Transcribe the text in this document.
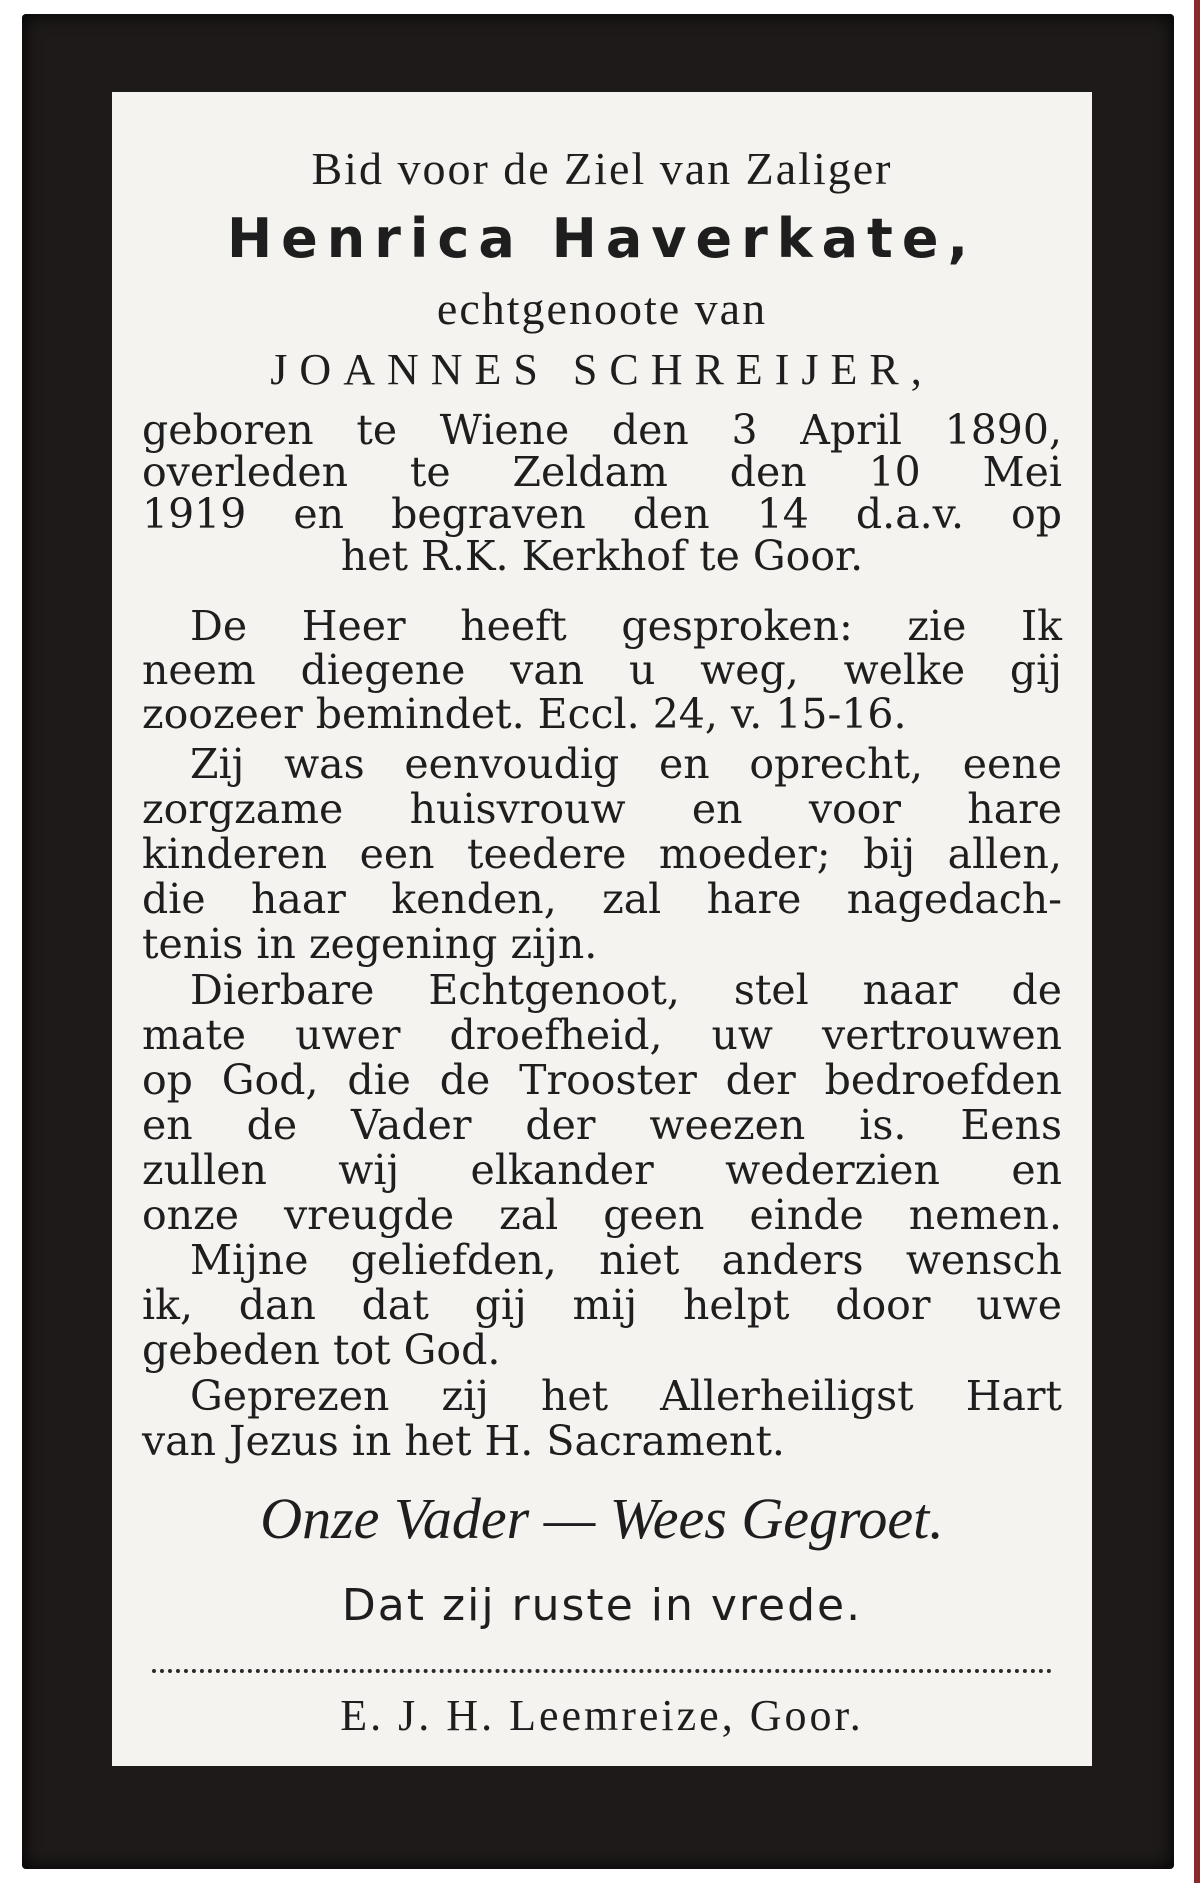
Bid voor de Ziel van Zaliger
Henrica Haverkate,
echtgenoote van
JOANNES SCHREIJER,
geboren te Wiene den 3 April 1890,
overleden te Zeldam den 10 Mei
1919 en begraven den 14 d.a.v. op
het R.K. Kerkhof te Goor.
De Heer heeft gesproken: zie Ik
neem diegene van u weg, welke gij
zoozeer bemindet. Eccl. 24, v. 15-16.
Zij was eenvoudig en oprecht, eene
zorgzame huisvrouw en voor hare
kinderen een teedere moeder; bij allen,
die haar kenden, zal hare nagedach-
tenis in zegening zijn.
Dierbare Echtgenoot, stel naar de
mate uwer droefheid, uw vertrouwen
op God, die de Trooster der bedroefden
en de Vader der weezen is. Eens
zullen wij elkander wederzien en
onze vreugde zal geen einde nemen.
Mijne geliefden, niet anders wensch
ik, dan dat gij mij helpt door uwe
gebeden tot God.
Geprezen zij het Allerheiligst Hart
van Jezus in het H. Sacrament.
Onze Vader — Wees Gegroet.
Dat zij ruste in vrede.
E. J. H. Leemreize, Goor.
